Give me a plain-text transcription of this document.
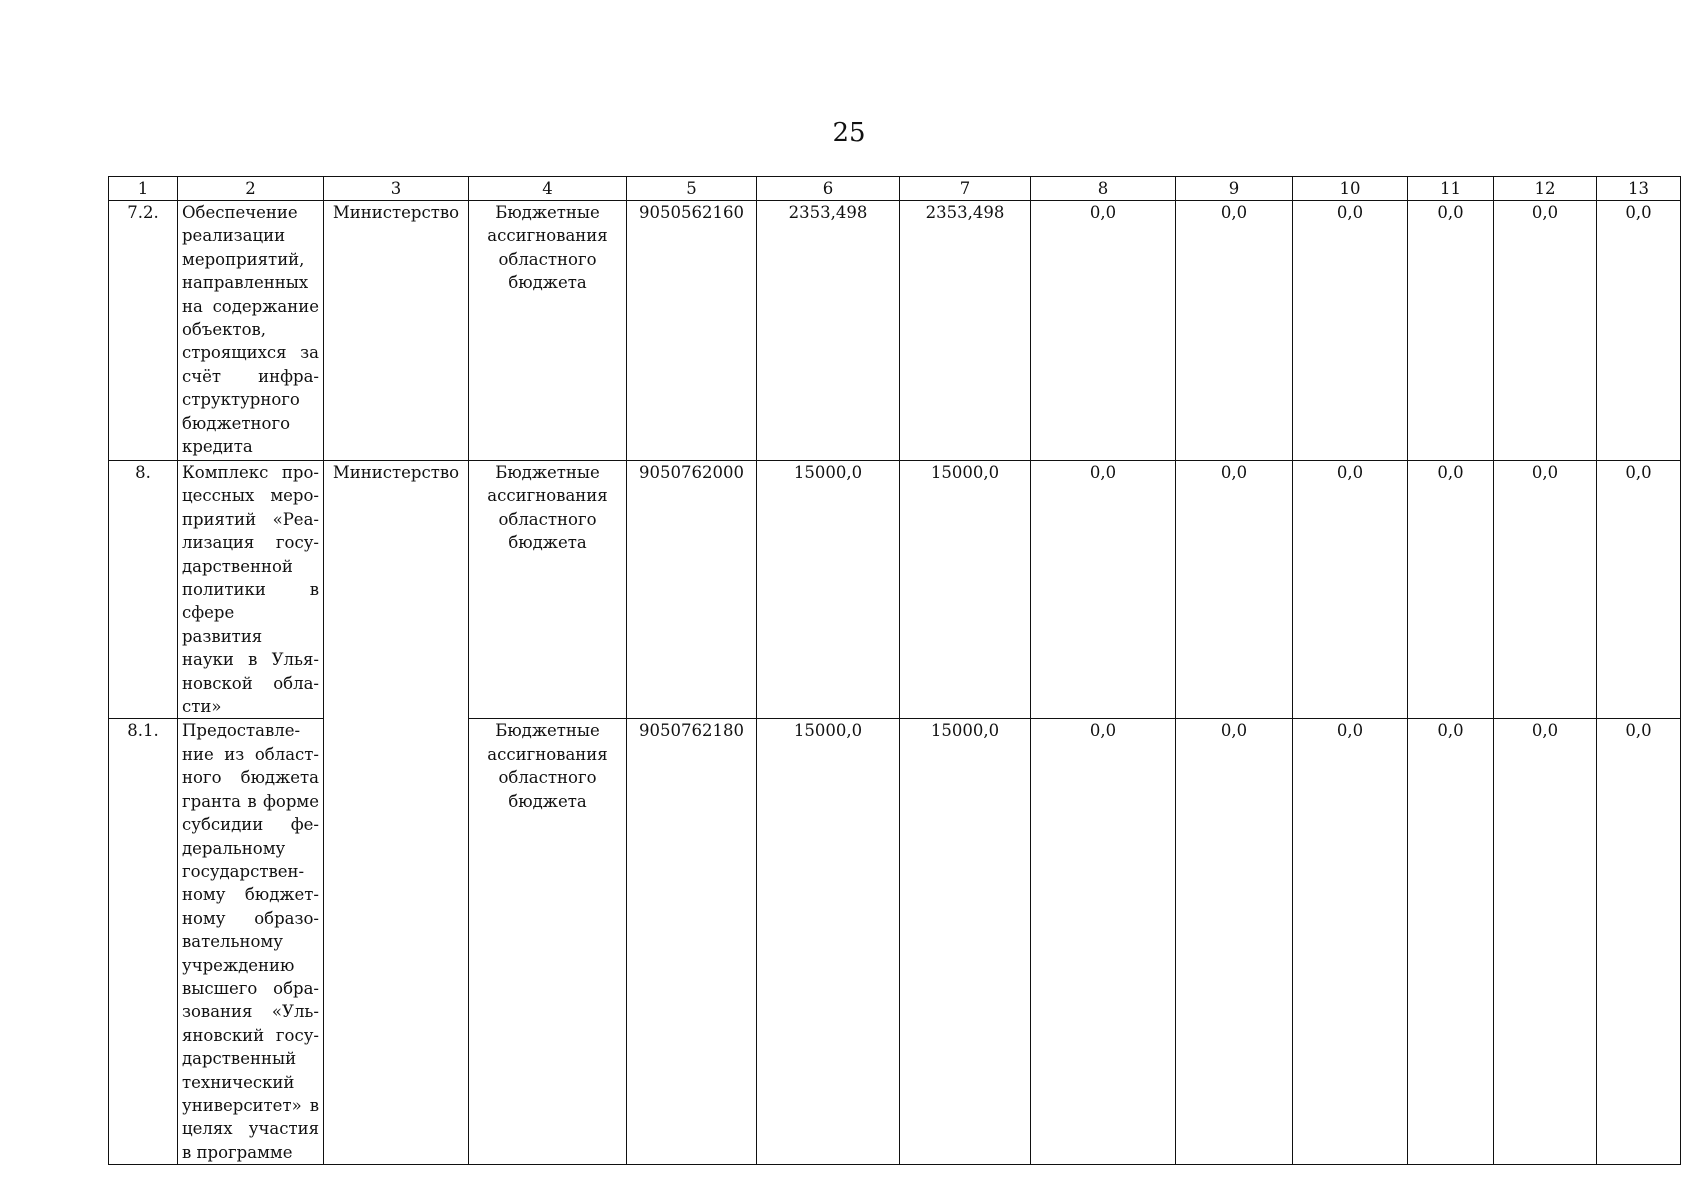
25
1	2	3	4	5	6	7	8	9	10	11	12	13
7.2.	Обеспечение реализации мероприятий, направленных на содержание объектов, строящихся за счёт инфра- структурного бюджетного кредита	Министерство	Бюджетные ассигнования областного бюджета	9050562160	2353,498	2353,498	0,0	0,0	0,0	0,0	0,0	0,0
8.	Комплекс про- цессных меро- приятий «Реа- лизация госу- дарственной политики в сфере развития науки в Улья- новской обла- сти»	Министерство	Бюджетные ассигнования областного бюджета	9050762000	15000,0	15000,0	0,0	0,0	0,0	0,0	0,0	0,0
8.1.	Предоставле- ние из област- ного бюджета гранта в форме субсидии фе- деральному государствен- ному бюджет- ному образо- вательному учреждению высшего обра- зования «Уль- яновский госу- дарственный технический университет» в целях участия в программе		Бюджетные ассигнования областного бюджета	9050762180	15000,0	15000,0	0,0	0,0	0,0	0,0	0,0	0,0
